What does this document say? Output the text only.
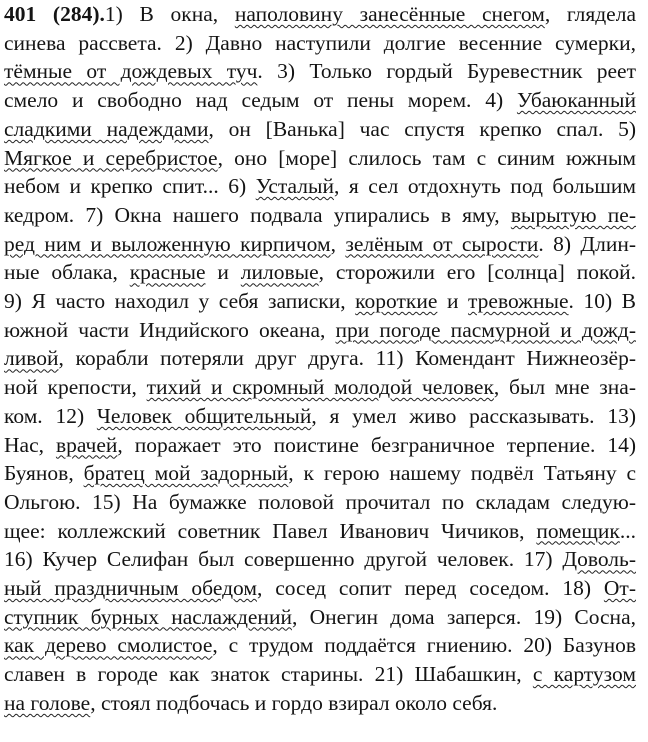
401 (284).1) В окна, наполовину занесённые снегом, глядела
синева рассвета. 2) Давно наступили долгие весенние сумерки,
тёмные от дождевых туч. 3) Только гордый Буревестник реет
смело и свободно над седым от пены морем. 4) Убаюканный
сладкими надеждами, он [Ванька] час спустя крепко спал. 5)
Мягкое и серебристое, оно [море] слилось там с синим южным
небом и крепко спит... 6) Усталый, я сел отдохнуть под большим
кедром. 7) Окна нашего подвала упирались в яму, вырытую пе-
ред ним и выложенную кирпичом, зелёным от сырости. 8) Длин-
ные облака, красные и лиловые, сторожили его [солнца] покой.
9) Я часто находил у себя записки, короткие и тревожные. 10) В
южной части Индийского океана, при погоде пасмурной и дожд-
ливой, корабли потеряли друг друга. 11) Комендант Нижнеозёр-
ной крепости, тихий и скромный молодой человек, был мне зна-
ком. 12) Человек общительный, я умел живо рассказывать. 13)
Нас, врачей, поражает это поистине безграничное терпение. 14)
Буянов, братец мой задорный, к герою нашему подвёл Татьяну с
Ольгою. 15) На бумажке половой прочитал по складам следую-
щее: коллежский советник Павел Иванович Чичиков, помещик...
16) Кучер Селифан был совершенно другой человек. 17) Доволь-
ный праздничным обедом, сосед сопит перед соседом. 18) От-
ступник бурных наслаждений, Онегин дома заперся. 19) Сосна,
как дерево смолистое, с трудом поддаётся гниению. 20) Базунов
славен в городе как знаток старины. 21) Шабашкин, с картузом
на голове, стоял подбочась и гордо взирал около себя.
